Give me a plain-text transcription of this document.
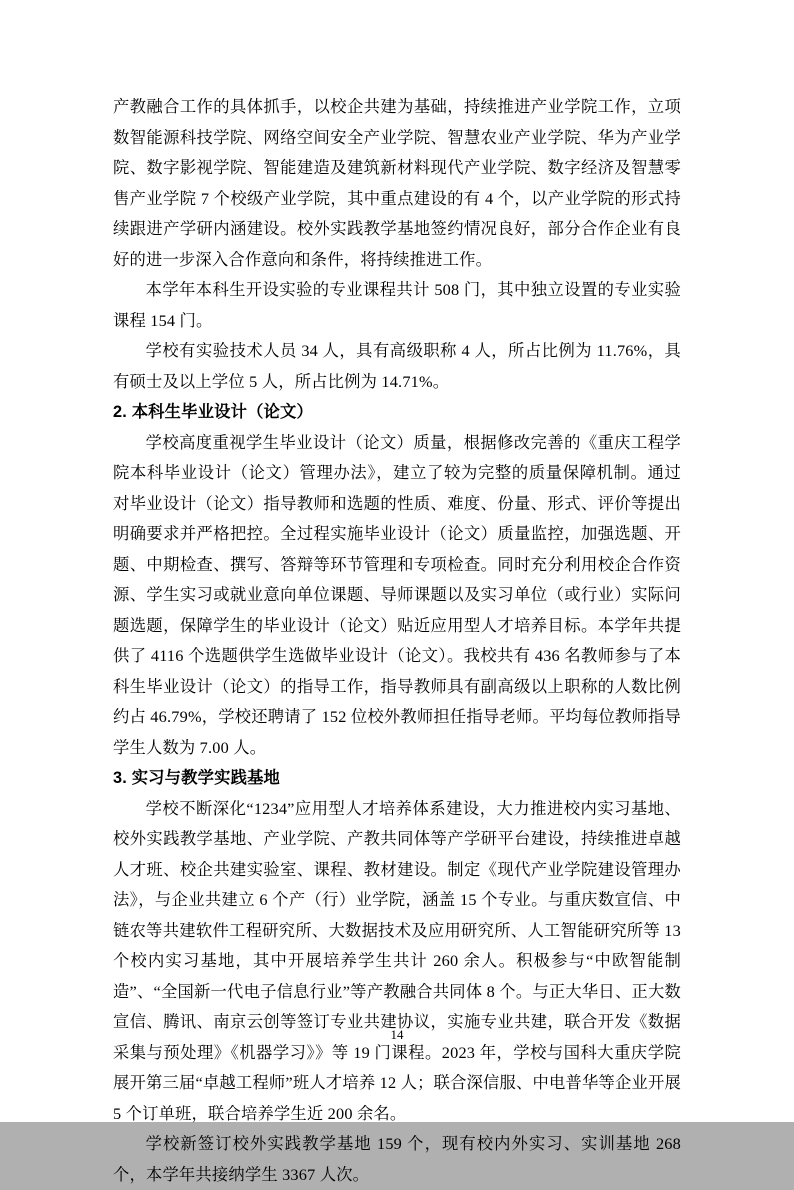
产教融合工作的具体抓手，以校企共建为基础，持续推进产业学院工作，立项数智能源科技学院、网络空间安全产业学院、智慧农业产业学院、华为产业学院、数字影视学院、智能建造及建筑新材料现代产业学院、数字经济及智慧零售产业学院 7 个校级产业学院，其中重点建设的有 4 个，以产业学院的形式持续跟进产学研内涵建设。校外实践教学基地签约情况良好，部分合作企业有良好的进一步深入合作意向和条件，将持续推进工作。

本学年本科生开设实验的专业课程共计 508 门，其中独立设置的专业实验课程 154 门。

学校有实验技术人员 34 人，具有高级职称 4 人，所占比例为 11.76%，具有硕士及以上学位 5 人，所占比例为 14.71%。

2. 本科生毕业设计（论文）

学校高度重视学生毕业设计（论文）质量，根据修改完善的《重庆工程学院本科毕业设计（论文）管理办法》，建立了较为完整的质量保障机制。通过对毕业设计（论文）指导教师和选题的性质、难度、份量、形式、评价等提出明确要求并严格把控。全过程实施毕业设计（论文）质量监控，加强选题、开题、中期检查、撰写、答辩等环节管理和专项检查。同时充分利用校企合作资源、学生实习或就业意向单位课题、导师课题以及实习单位（或行业）实际问题选题，保障学生的毕业设计（论文）贴近应用型人才培养目标。本学年共提供了 4116 个选题供学生选做毕业设计（论文）。我校共有 436 名教师参与了本科生毕业设计（论文）的指导工作，指导教师具有副高级以上职称的人数比例约占 46.79%，学校还聘请了 152 位校外教师担任指导老师。平均每位教师指导学生人数为 7.00 人。

3. 实习与教学实践基地

学校不断深化“1234”应用型人才培养体系建设，大力推进校内实习基地、校外实践教学基地、产业学院、产教共同体等产学研平台建设，持续推进卓越人才班、校企共建实验室、课程、教材建设。制定《现代产业学院建设管理办法》，与企业共建立 6 个产（行）业学院，涵盖 15 个专业。与重庆数宣信、中链农等共建软件工程研究所、大数据技术及应用研究所、人工智能研究所等 13 个校内实习基地，其中开展培养学生共计 260 余人。积极参与“中欧智能制造”、“全国新一代电子信息行业”等产教融合共同体 8 个。与正大华日、正大数宣信、腾讯、南京云创等签订专业共建协议，实施专业共建，联合开发《数据采集与预处理》《机器学习》》等 19 门课程。2023 年，学校与国科大重庆学院展开第三届“卓越工程师”班人才培养 12 人；联合深信服、中电普华等企业开展 5 个订单班，联合培养学生近 200 余名。

学校新签订校外实践教学基地 159 个，现有校内外实习、实训基地 268 个，本学年共接纳学生 3367 人次。

14
